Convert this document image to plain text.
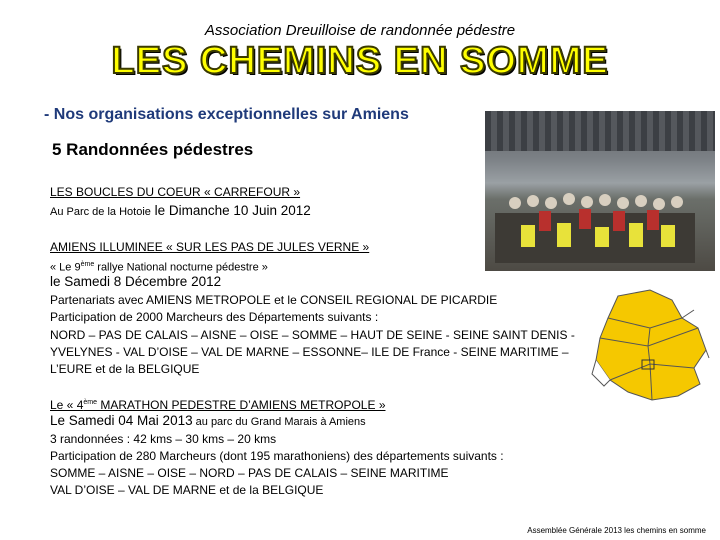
Association Dreuilloise de randonnée pédestre
LES CHEMINS EN SOMME
- Nos organisations exceptionnelles sur Amiens
5 Randonnées pédestres
LES BOUCLES DU COEUR « CARREFOUR »
Au Parc de la Hotoie le Dimanche 10 Juin 2012
AMIENS ILLUMINEE « SUR LES PAS DE JULES VERNE »
« Le 9ème rallye National nocturne pédestre »
le Samedi 8 Décembre 2012
Partenariats avec AMIENS METROPOLE et le CONSEIL REGIONAL DE PICARDIE
Participation de 2000 Marcheurs des Départements suivants :
NORD – PAS DE CALAIS – AISNE – OISE – SOMME – HAUT DE SEINE - SEINE SAINT DENIS -
YVELYNES - VAL D’OISE – VAL DE MARNE – ESSONNE– ILE DE France - SEINE MARITIME –
L’EURE et de la BELGIQUE
Le « 4ème MARATHON PEDESTRE D’AMIENS METROPOLE »
Le Samedi 04 Mai 2013 au parc du Grand Marais à Amiens
3 randonnées : 42 kms – 30 kms – 20 kms
Participation de 280 Marcheurs (dont 195 marathoniens) des départements suivants :
SOMME – AISNE – OISE – NORD – PAS DE CALAIS – SEINE MARITIME
VAL D’OISE – VAL DE MARNE et de la BELGIQUE
Assemblée Générale 2013 les chemins en somme
